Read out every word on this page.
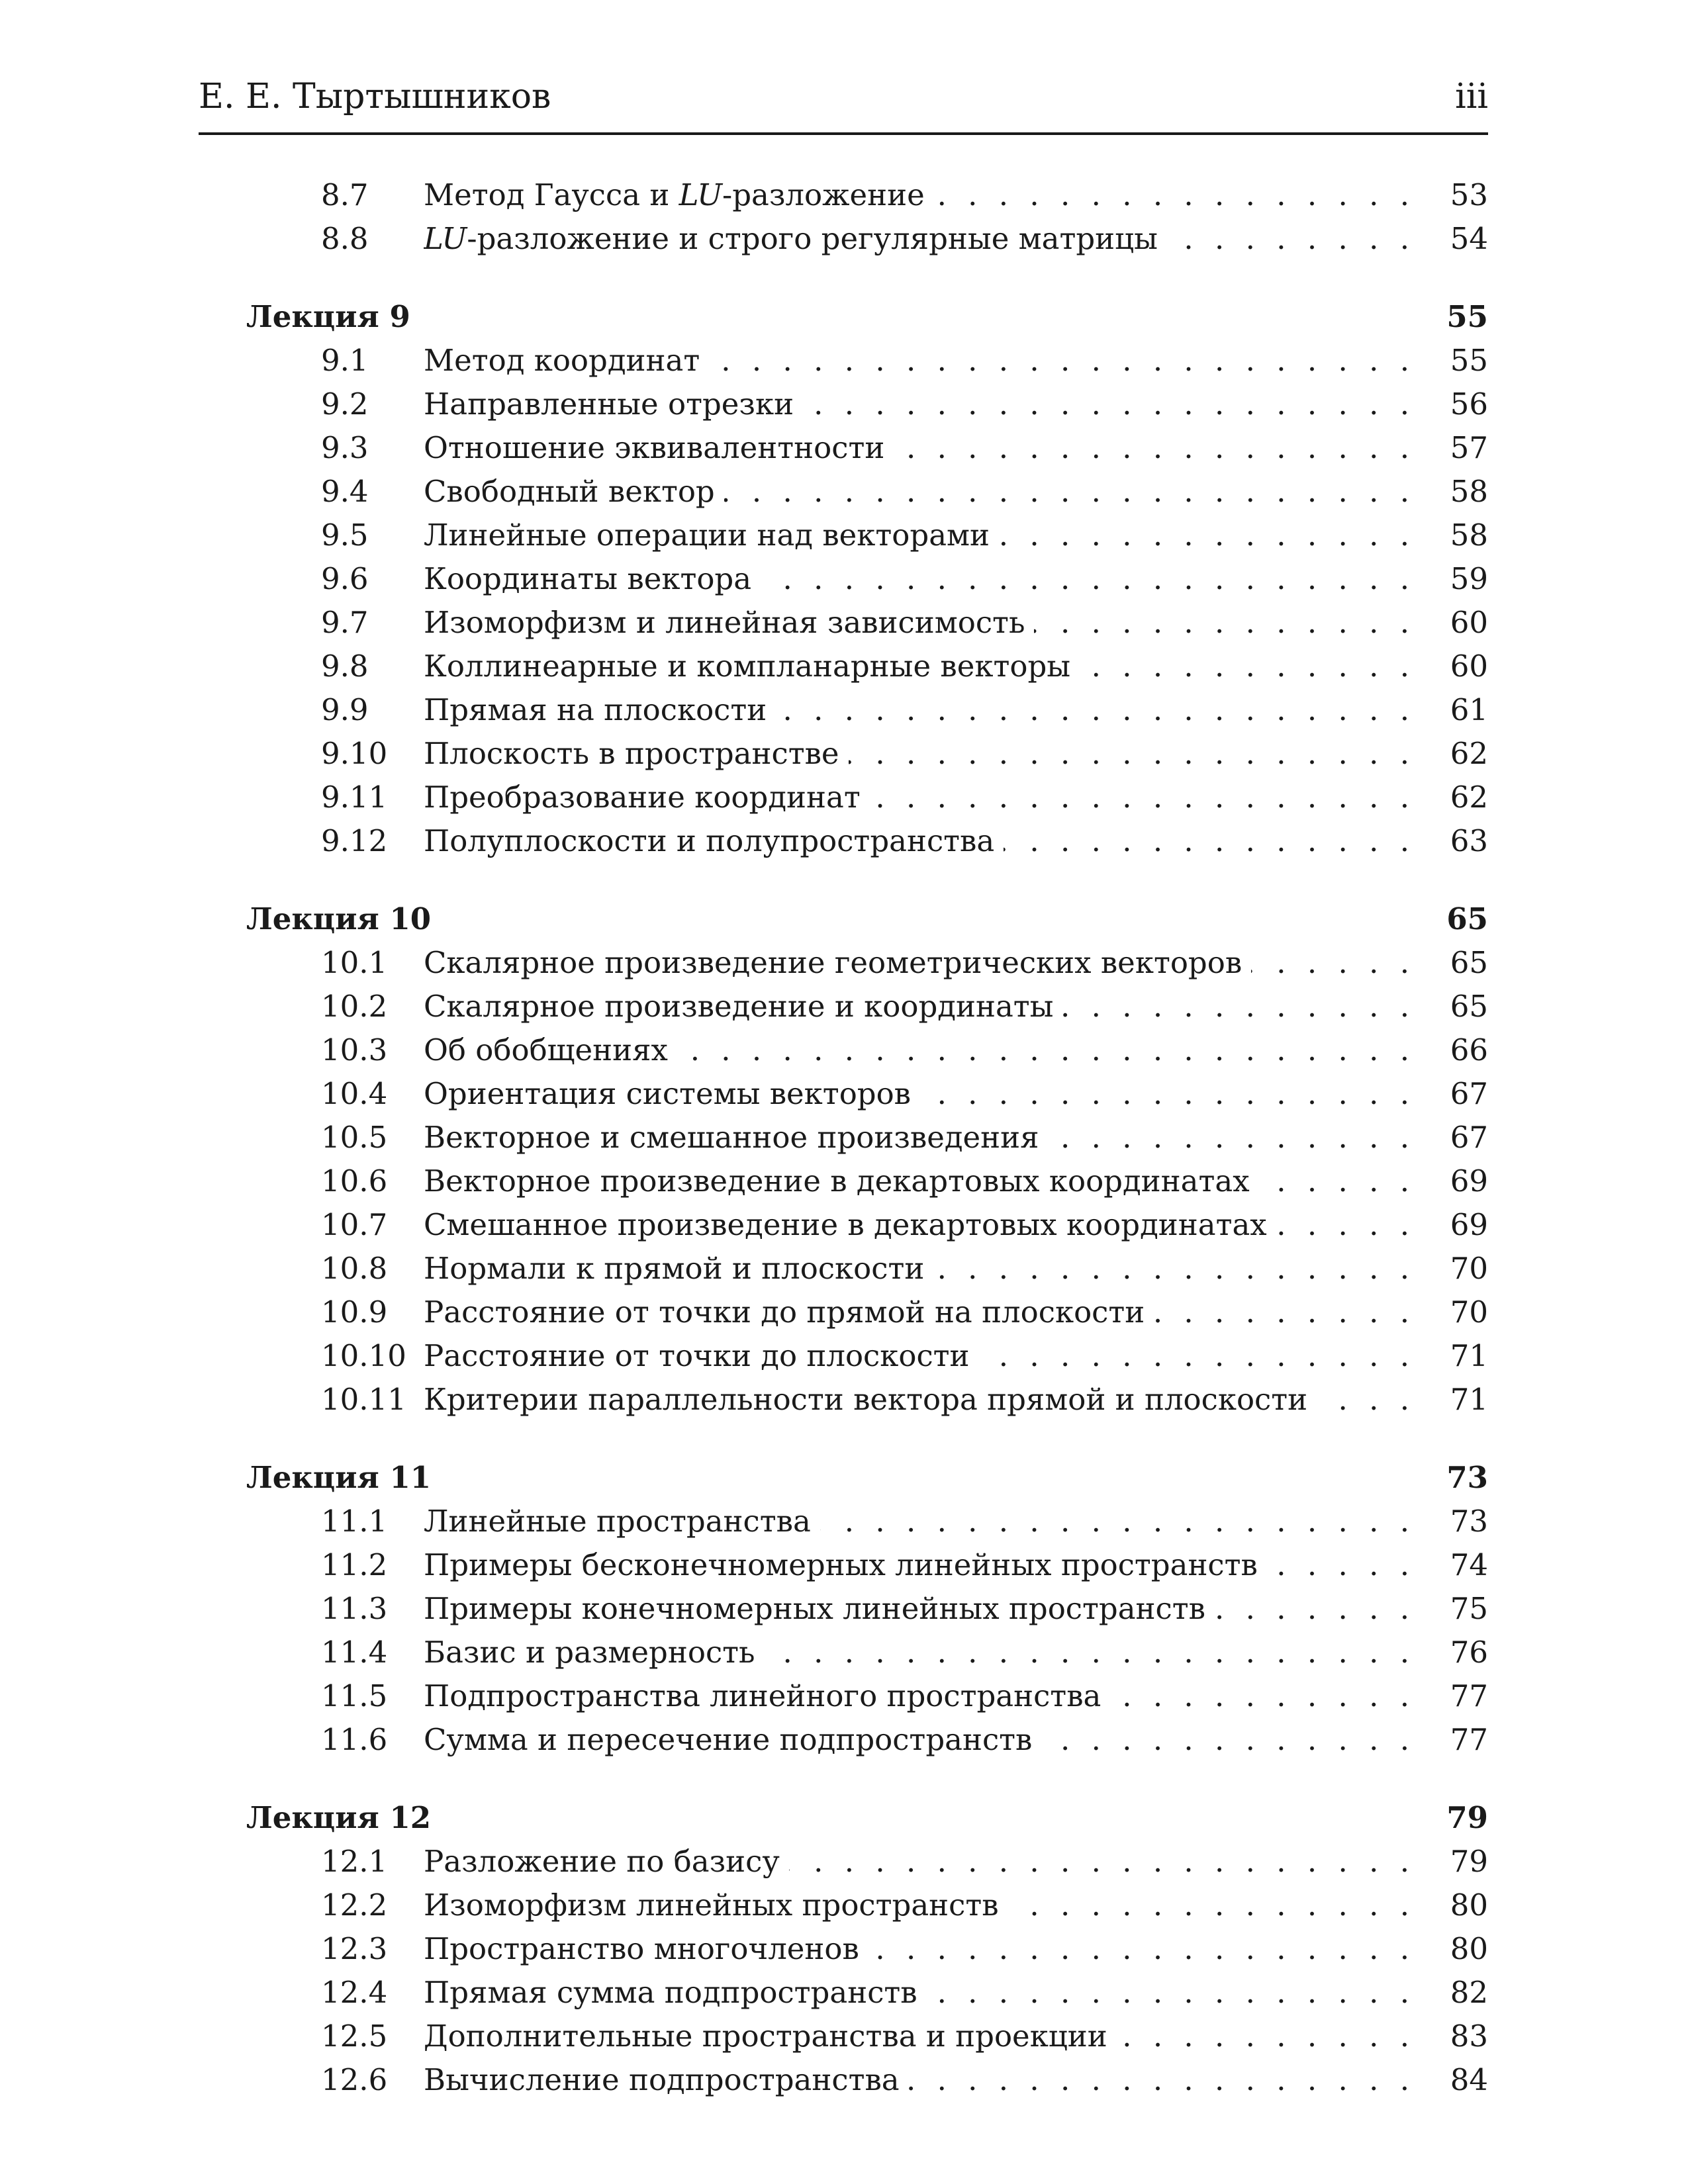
Е. Е. Тыртышников	iii
8.7 . . . Метод Гаусса и LU-разложение	53
8.8 . . . LU-разложение и строго регулярные матрицы	54
Лекция 9	55
9.1 . . . Метод координат	55
9.2 . . . Направленные отрезки	56
9.3 . . . Отношение эквивалентности	57
9.4 . . . Свободный вектор	58
9.5 . . . Линейные операции над векторами	58
9.6 . . . Координаты вектора	59
9.7 . . . Изоморфизм и линейная зависимость	60
9.8 . . . Коллинеарные и компланарные векторы	60
9.9 . . . Прямая на плоскости	61
9.10 . . . Плоскость в пространстве	62
9.11 . . . Преобразование координат	62
9.12 . . . Полуплоскости и полупространства	63
Лекция 10	65
10.1 . . . Скалярное произведение геометрических векторов	65
10.2 . . . Скалярное произведение и координаты	65
10.3 . . . Об обобщениях	66
10.4 . . . Ориентация системы векторов	67
10.5 . . . Векторное и смешанное произведения	67
10.6 . . . Векторное произведение в декартовых координатах	69
10.7 . . . Смешанное произведение в декартовых координатах	69
10.8 . . . Нормали к прямой и плоскости	70
10.9 . . . Расстояние от точки до прямой на плоскости	70
10.10 . . . Расстояние от точки до плоскости	71
10.11 . . . Критерии параллельности вектора прямой и плоскости	71
Лекция 11	73
11.1 . . . Линейные пространства	73
11.2 . . . Примеры бесконечномерных линейных пространств	74
11.3 . . . Примеры конечномерных линейных пространств	75
11.4 . . . Базис и размерность	76
11.5 . . . Подпространства линейного пространства	77
11.6 . . . Сумма и пересечение подпространств	77
Лекция 12	79
12.1 . . . Разложение по базису	79
12.2 . . . Изоморфизм линейных пространств	80
12.3 . . . Пространство многочленов	80
12.4 . . . Прямая сумма подпространств	82
12.5 . . . Дополнительные пространства и проекции	83
12.6 . . . Вычисление подпространства	84
